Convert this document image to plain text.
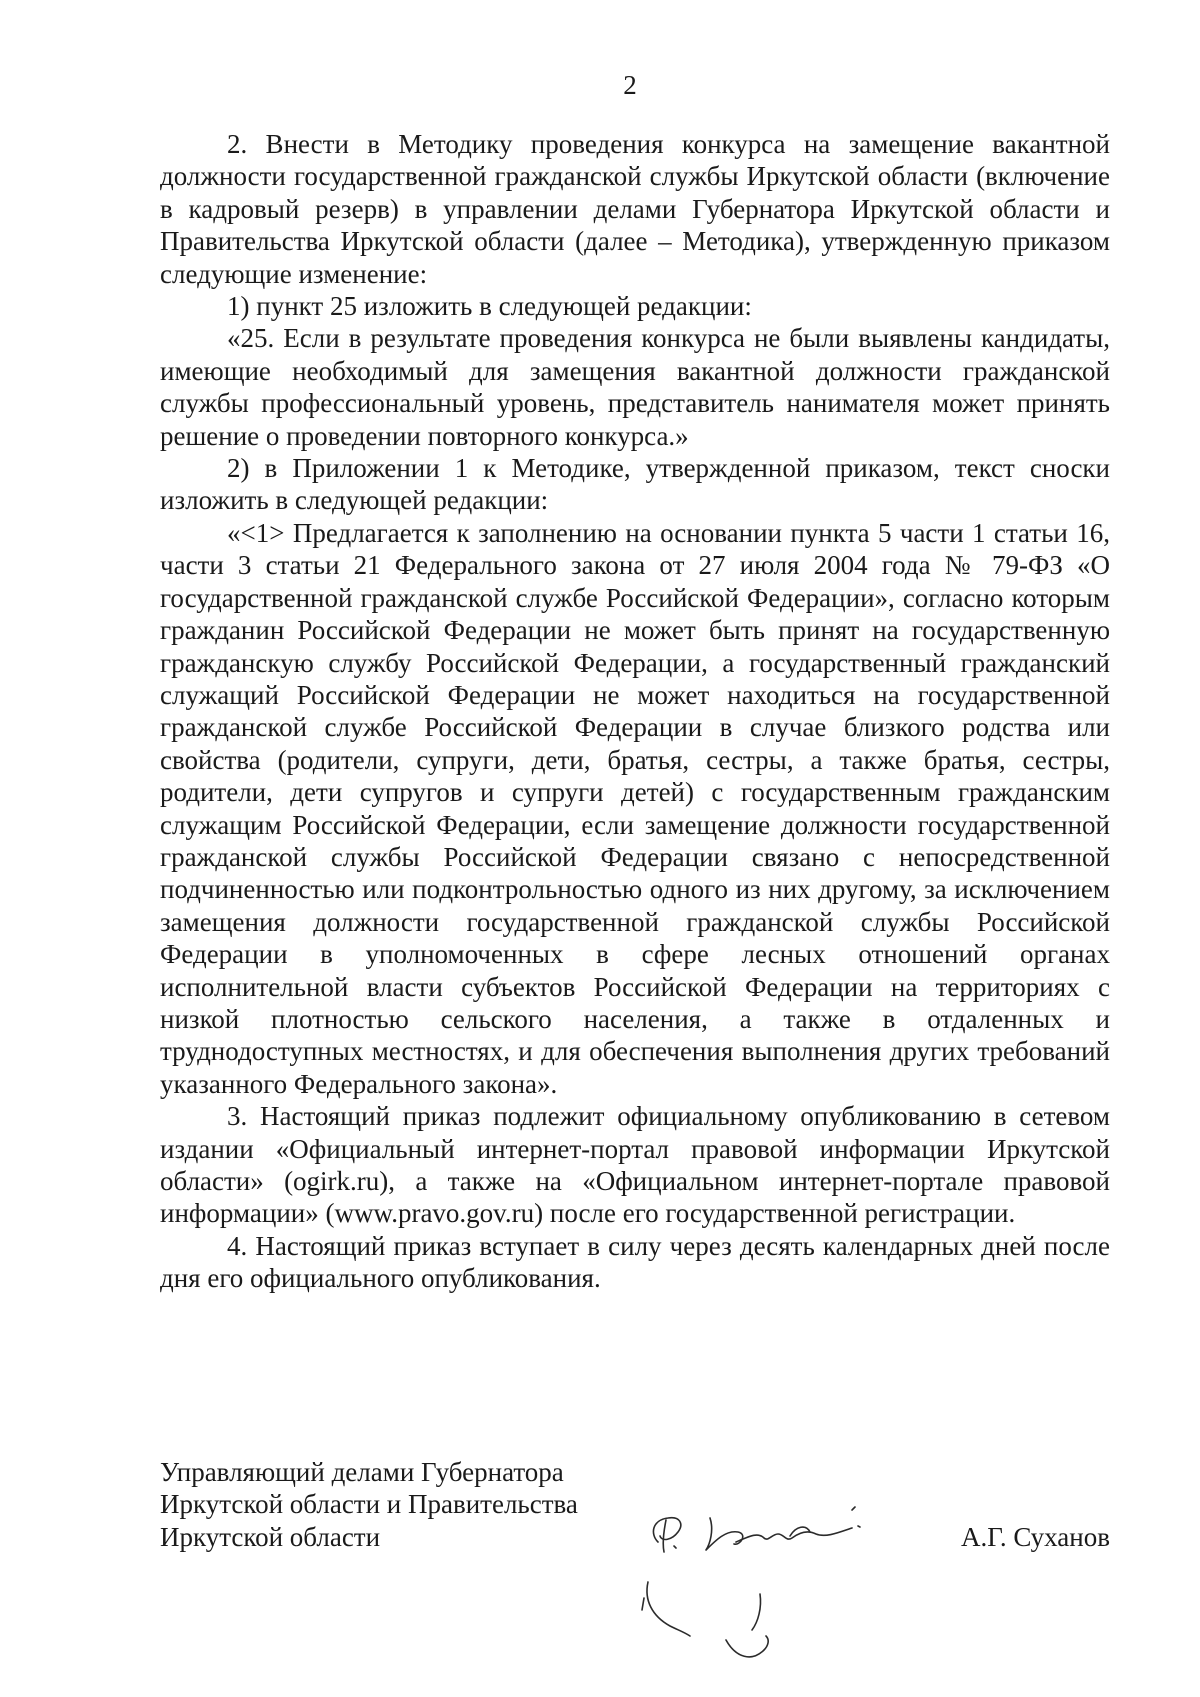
2

2. Внести в Методику проведения конкурса на замещение вакантной должности государственной гражданской службы Иркутской области (включение в кадровый резерв) в управлении делами Губернатора Иркутской области и Правительства Иркутской области (далее – Методика), утвержденную приказом следующие изменение:

1) пункт 25 изложить в следующей редакции:

«25. Если в результате проведения конкурса не были выявлены кандидаты, имеющие необходимый для замещения вакантной должности гражданской службы профессиональный уровень, представитель нанимателя может принять решение о проведении повторного конкурса.»

2) в Приложении 1 к Методике, утвержденной приказом, текст сноски изложить в следующей редакции:

«<1> Предлагается к заполнению на основании пункта 5 части 1 статьи 16, части 3 статьи 21 Федерального закона от 27 июля 2004 года № 79-ФЗ «О государственной гражданской службе Российской Федерации», согласно которым гражданин Российской Федерации не может быть принят на государственную гражданскую службу Российской Федерации, а государственный гражданский служащий Российской Федерации не может находиться на государственной гражданской службе Российской Федерации в случае близкого родства или свойства (родители, супруги, дети, братья, сестры, а также братья, сестры, родители, дети супругов и супруги детей) с государственным гражданским служащим Российской Федерации, если замещение должности государственной гражданской службы Российской Федерации связано с непосредственной подчиненностью или подконтрольностью одного из них другому, за исключением замещения должности государственной гражданской службы Российской Федерации в уполномоченных в сфере лесных отношений органах исполнительной власти субъектов Российской Федерации на территориях с низкой плотностью сельского населения, а также в отдаленных и труднодоступных местностях, и для обеспечения выполнения других требований указанного Федерального закона».

3. Настоящий приказ подлежит официальному опубликованию в сетевом издании «Официальный интернет-портал правовой информации Иркутской области» (ogirk.ru), а также на «Официальном интернет-портале правовой информации» (www.pravo.gov.ru) после его государственной регистрации.

4. Настоящий приказ вступает в силу через десять календарных дней после дня его официального опубликования.

Управляющий делами Губернатора
Иркутской области и Правительства
Иркутской области	А.Г. Суханов
